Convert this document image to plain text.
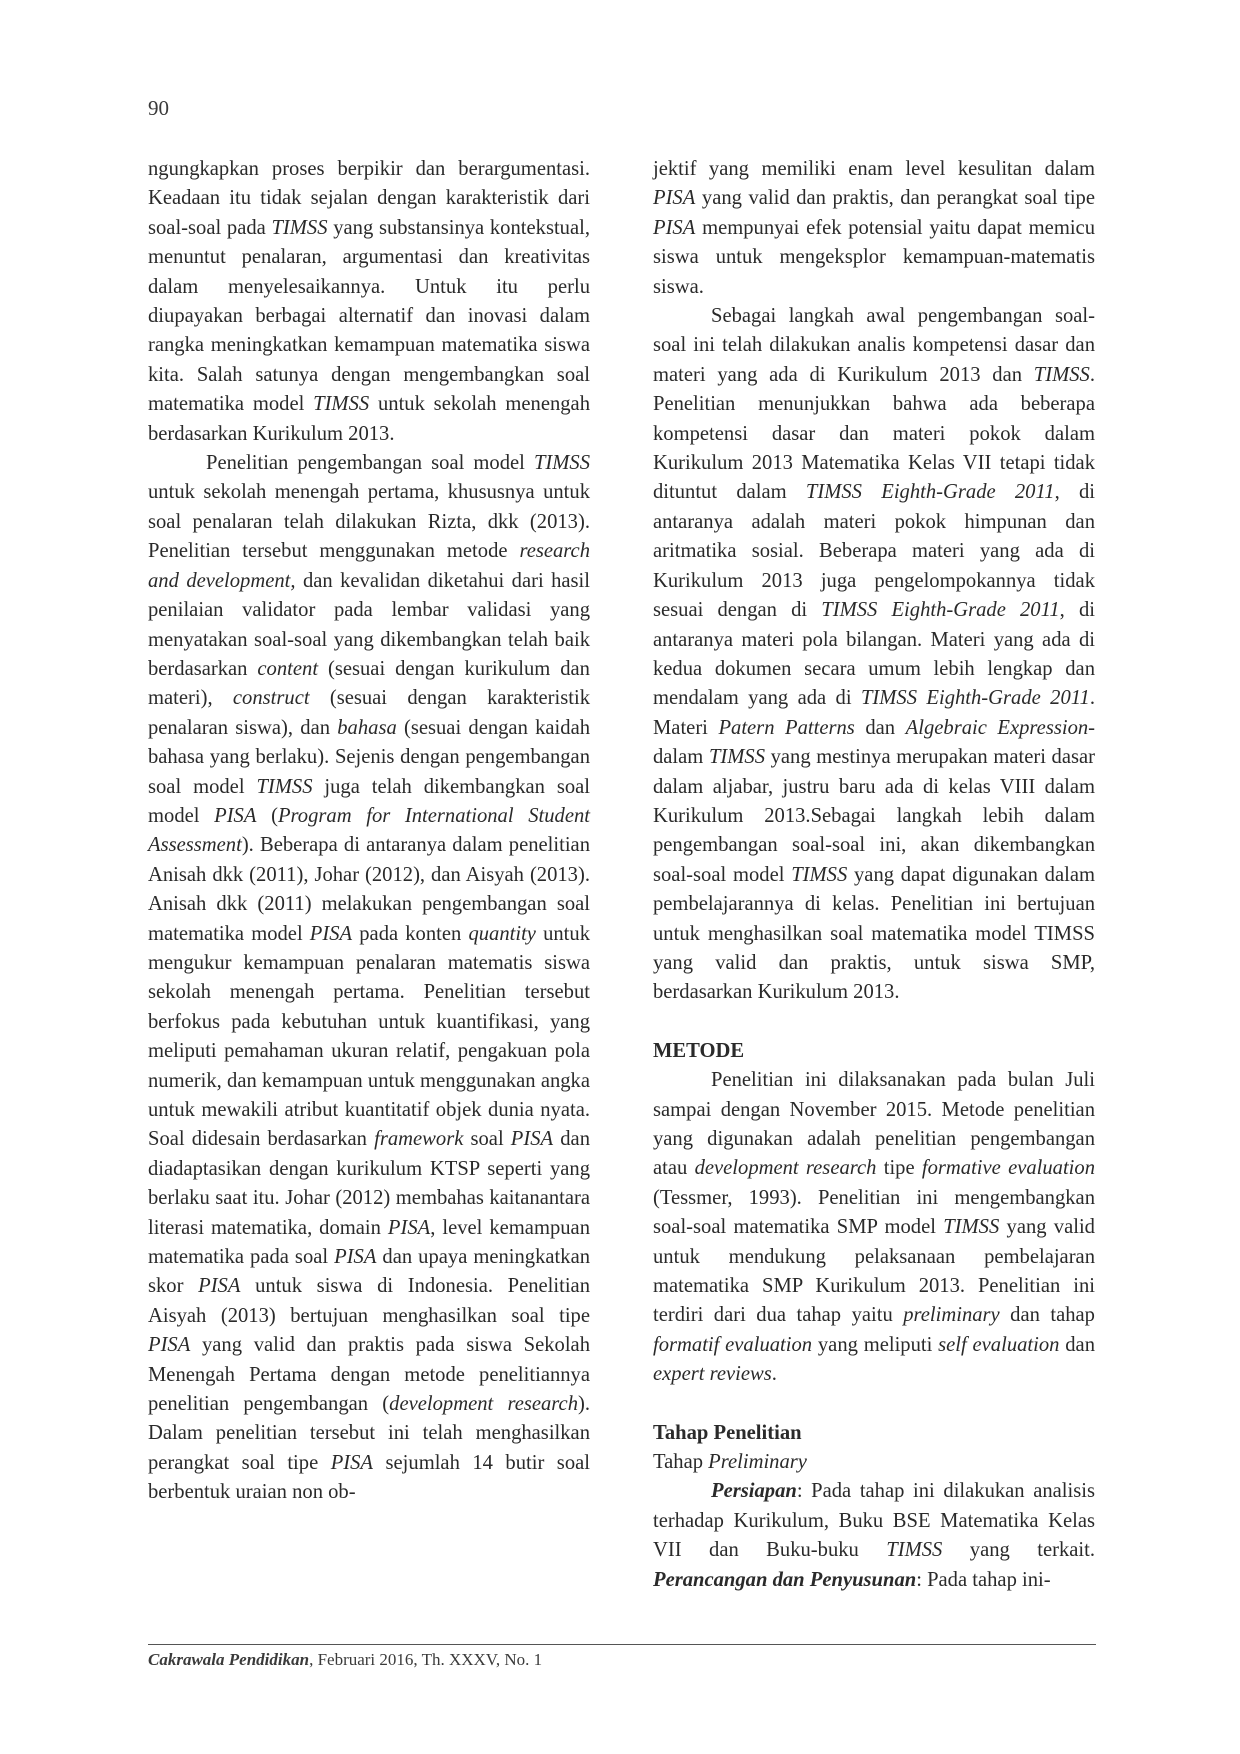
90

ngungkapkan proses berpikir dan berargumentasi. Keadaan itu tidak sejalan dengan karakteristik dari soal-soal pada TIMSS yang substansinya kontekstual, menuntut penalaran, argumentasi dan kreativitas dalam menyelesaikannya. Untuk itu perlu diupayakan berbagai alternatif dan inovasi dalam rangka meningkatkan kemampuan matematika siswa kita. Salah satunya dengan mengembangkan soal matematika model TIMSS untuk sekolah menengah berdasarkan Kurikulum 2013.

Penelitian pengembangan soal model TIMSS untuk sekolah menengah pertama, khususnya untuk soal penalaran telah dilakukan Rizta, dkk (2013). Penelitian tersebut menggunakan metode research and development, dan kevalidan diketahui dari hasil penilaian validator pada lembar validasi yang menyatakan soal-soal yang dikembangkan telah baik berdasarkan content (sesuai dengan kurikulum dan materi), construct (sesuai dengan karakteristik penalaran siswa), dan bahasa (sesuai dengan kaidah bahasa yang berlaku). Sejenis dengan pengembangan soal model TIMSS juga telah dikembangkan soal model PISA (Program for International Student Assessment). Beberapa di antaranya dalam penelitian Anisah dkk (2011), Johar (2012), dan Aisyah (2013). Anisah dkk (2011) melakukan pengembangan soal matematika model PISA pada konten quantity untuk mengukur kemampuan penalaran matematis siswa sekolah menengah pertama. Penelitian tersebut berfokus pada kebutuhan untuk kuantifikasi, yang meliputi pemahaman ukuran relatif, pengakuan pola numerik, dan kemampuan untuk menggunakan angka untuk mewakili atribut kuantitatif objek dunia nyata. Soal didesain berdasarkan framework soal PISA dan diadaptasikan dengan kurikulum KTSP seperti yang berlaku saat itu. Johar (2012) membahas kaitanantara literasi matematika, domain PISA, level kemampuan matematika pada soal PISA dan upaya meningkatkan skor PISA untuk siswa di Indonesia. Penelitian Aisyah (2013) bertujuan menghasilkan soal tipe PISA yang valid dan praktis pada siswa Sekolah Menengah Pertama dengan metode penelitiannya penelitian pengembangan (development research). Dalam penelitian tersebut ini telah menghasilkan perangkat soal tipe PISA sejumlah 14 butir soal berbentuk uraian non ob-

jektif yang memiliki enam level kesulitan dalam PISA yang valid dan praktis, dan perangkat soal tipe PISA mempunyai efek potensial yaitu dapat memicu siswa untuk mengeksplor kemampuan-matematis siswa.

Sebagai langkah awal pengembangan soal-soal ini telah dilakukan analis kompetensi dasar dan materi yang ada di Kurikulum 2013 dan TIMSS. Penelitian menunjukkan bahwa ada beberapa kompetensi dasar dan materi pokok dalam Kurikulum 2013 Matematika Kelas VII tetapi tidak dituntut dalam TIMSS Eighth-Grade 2011, di antaranya adalah materi pokok himpunan dan aritmatika sosial. Beberapa materi yang ada di Kurikulum 2013 juga pengelompokannya tidak sesuai dengan di TIMSS Eighth-Grade 2011, di antaranya materi pola bilangan. Materi yang ada di kedua dokumen secara umum lebih lengkap dan mendalam yang ada di TIMSS Eighth-Grade 2011. Materi Patern Patterns dan Algebraic Expression-dalam TIMSS yang mestinya merupakan materi dasar dalam aljabar, justru baru ada di kelas VIII dalam Kurikulum 2013.Sebagai langkah lebih dalam pengembangan soal-soal ini, akan dikembangkan soal-soal model TIMSS yang dapat digunakan dalam pembelajarannya di kelas. Penelitian ini bertujuan untuk menghasilkan soal matematika model TIMSS yang valid dan praktis, untuk siswa SMP, berdasarkan Kurikulum 2013.

METODE

Penelitian ini dilaksanakan pada bulan Juli sampai dengan November 2015. Metode penelitian yang digunakan adalah penelitian pengembangan atau development research tipe formative evaluation (Tessmer, 1993). Penelitian ini mengembangkan soal-soal matematika SMP model TIMSS yang valid untuk mendukung pelaksanaan pembelajaran matematika SMP Kurikulum 2013. Penelitian ini terdiri dari dua tahap yaitu preliminary dan tahap formatif evaluation yang meliputi self evaluation dan expert reviews.

Tahap Penelitian

Tahap Preliminary

Persiapan: Pada tahap ini dilakukan analisis terhadap Kurikulum, Buku BSE Matematika Kelas VII dan Buku-buku TIMSS yang terkait. Perancangan dan Penyusunan: Pada tahap ini-

Cakrawala Pendidikan, Februari 2016, Th. XXXV, No. 1
